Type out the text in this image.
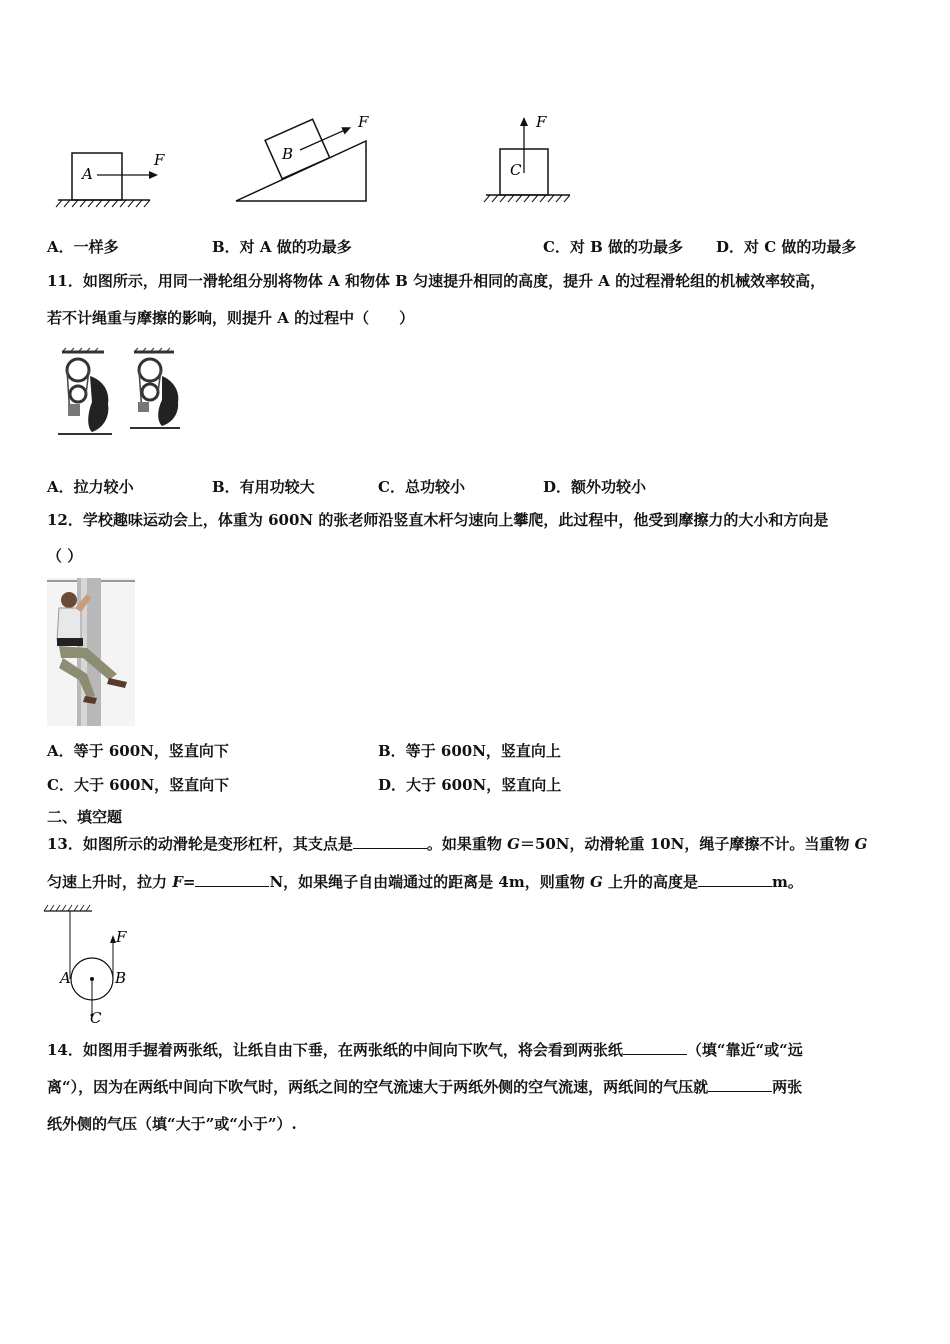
A
F	B
F
C
F
A．一样多	B．对 A 做的功最多	C．对 B 做的功最多 D．对 C 做的功最多
11．如图所示，用同一滑轮组分别将物体 A 和物体 B 匀速提升相同的高度，提升 A 的过程滑轮组的机械效率较高，
若不计绳重与摩擦的影响，则提升 A 的过程中（　　）
A．拉力较小	B．有用功较大	C．总功较小	D．额外功较小
12．学校趣味运动会上，体重为 600N 的张老师沿竖直木杆匀速向上攀爬，此过程中，他受到摩擦力的大小和方向是
（ ）
A．等于 600N，竖直向下	B．等于 600N，竖直向上
C．大于 600N，竖直向下	D．大于 600N，竖直向上
二、填空题
13．如图所示的动滑轮是变形杠杆，其支点是	。如果重物 G＝50N，动滑轮重 10N，绳子摩擦不计。当重物 G
匀速上升时，拉力 F=	N，如果绳子自由端通过的距离是 4m，则重物 G 上升的高度是	m。
F
A	B
C
14．如图用手握着两张纸，让纸自由下垂，在两张纸的中间向下吹气，将会看到两张纸	（填“靠近“或“远
离“），因为在两纸中间向下吹气时，两纸之间的空气流速大于两纸外侧的空气流速，两纸间的气压就	两张
纸外侧的气压（填“大于”或“小于”）.
